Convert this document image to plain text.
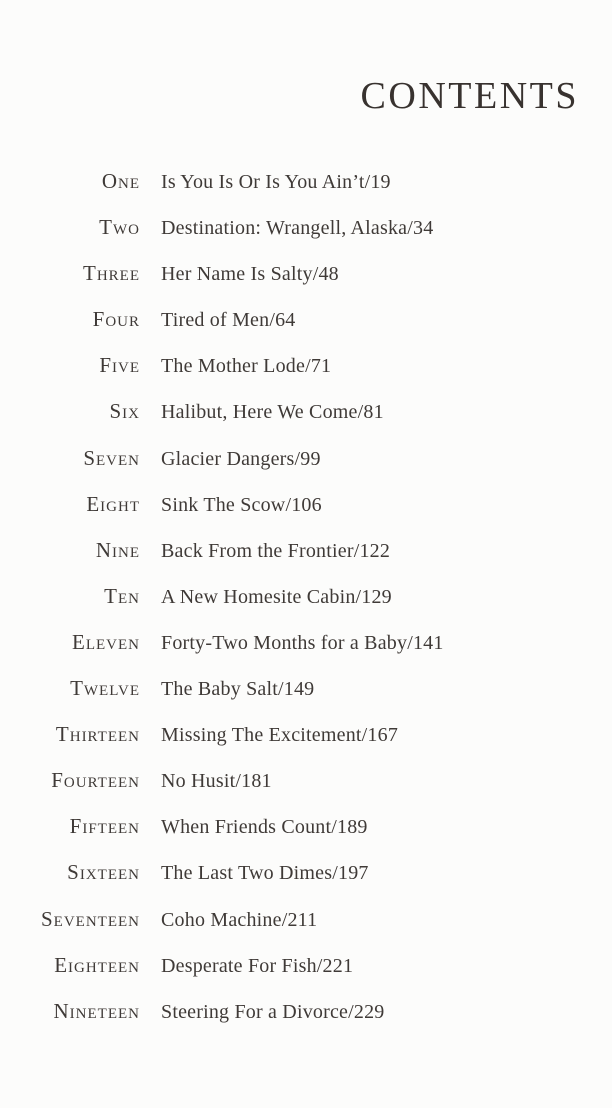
CONTENTS
One Is You Is Or Is You Ain’t/19
Two Destination: Wrangell, Alaska/34
Three Her Name Is Salty/48
Four Tired of Men/64
Five The Mother Lode/71
Six Halibut, Here We Come/81
Seven Glacier Dangers/99
Eight Sink The Scow/106
Nine Back From the Frontier/122
Ten A New Homesite Cabin/129
Eleven Forty-Two Months for a Baby/141
Twelve The Baby Salt/149
Thirteen Missing The Excitement/167
Fourteen No Husit/181
Fifteen When Friends Count/189
Sixteen The Last Two Dimes/197
Seventeen Coho Machine/211
Eighteen Desperate For Fish/221
Nineteen Steering For a Divorce/229
